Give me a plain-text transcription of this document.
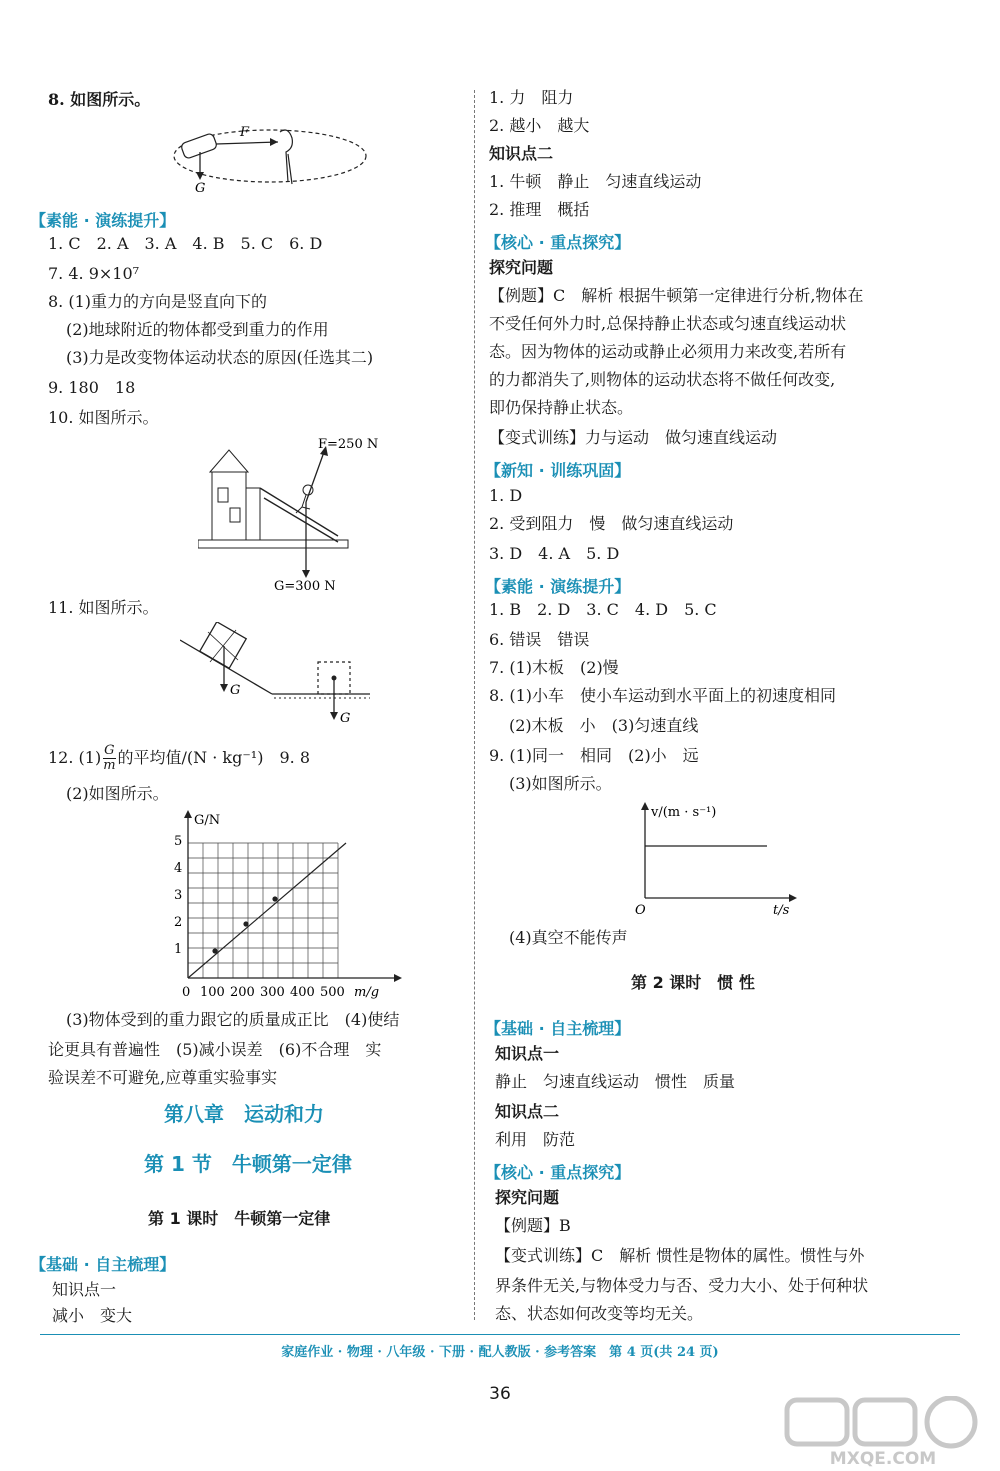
8. 如图所示。
F
G
【素能 · 演练提升】
1. C　2. A　3. A　4. B　5. C　6. D
7. 4. 9×10⁷
8. (1)重力的方向是竖直向下的
(2)地球附近的物体都受到重力的作用
(3)力是改变物体运动状态的原因(任选其二)
9. 180　18
10. 如图所示。
F=250 N
G=300 N
11. 如图所示。
G
G
12. $(1) \frac{G}{m}$ 的平均值/(N · kg⁻¹)　9. 8
(2)如图所示。
G/N
1
2
3
4
5
0 100 200 300 400 500 m/g
(3)物体受到的重力跟它的质量成正比　(4)使结
论更具有普遍性　(5)减小误差　(6)不合理　实
验误差不可避免,应尊重实验事实
第八章　运动和力
第 1 节　牛顿第一定律
第 1 课时　牛顿第一定律
【基础 · 自主梳理】
知识点一
减小　变大
1. 力　阻力
2. 越小　越大
知识点二
1. 牛顿　静止　匀速直线运动
2. 推理　概括
【核心 · 重点探究】
探究问题
【例题】C　解析 根据牛顿第一定律进行分析,物体在
不受任何外力时,总保持静止状态或匀速直线运动状
态。因为物体的运动或静止必须用力来改变,若所有
的力都消失了,则物体的运动状态将不做任何改变,
即仍保持静止状态。
【变式训练】力与运动　做匀速直线运动
【新知 · 训练巩固】
1. D
2. 受到阻力　慢　做匀速直线运动
3. D　4. A　5. D
【素能 · 演练提升】
1. B　2. D　3. C　4. D　5. C
6. 错误　错误
7. (1)木板　(2)慢
8. (1)小车　使小车运动到水平面上的初速度相同
(2)木板　小　(3)匀速直线
9. (1)同一　相同　(2)小　远
(3)如图所示。
v/(m · s⁻¹)
O	t/s
(4)真空不能传声
第 2 课时　惯 性
【基础 · 自主梳理】
知识点一
静止　匀速直线运动　惯性　质量
知识点二
利用　防范
【核心 · 重点探究】
探究问题
【例题】B
【变式训练】C　解析 惯性是物体的属性。惯性与外
界条件无关,与物体受力与否、受力大小、处于何种状
态、状态如何改变等均无关。
家庭作业 · 物理 · 八年级 · 下册 · 配人教版 · 参考答案　第 4 页(共 24 页)
36
MXQE.COM
